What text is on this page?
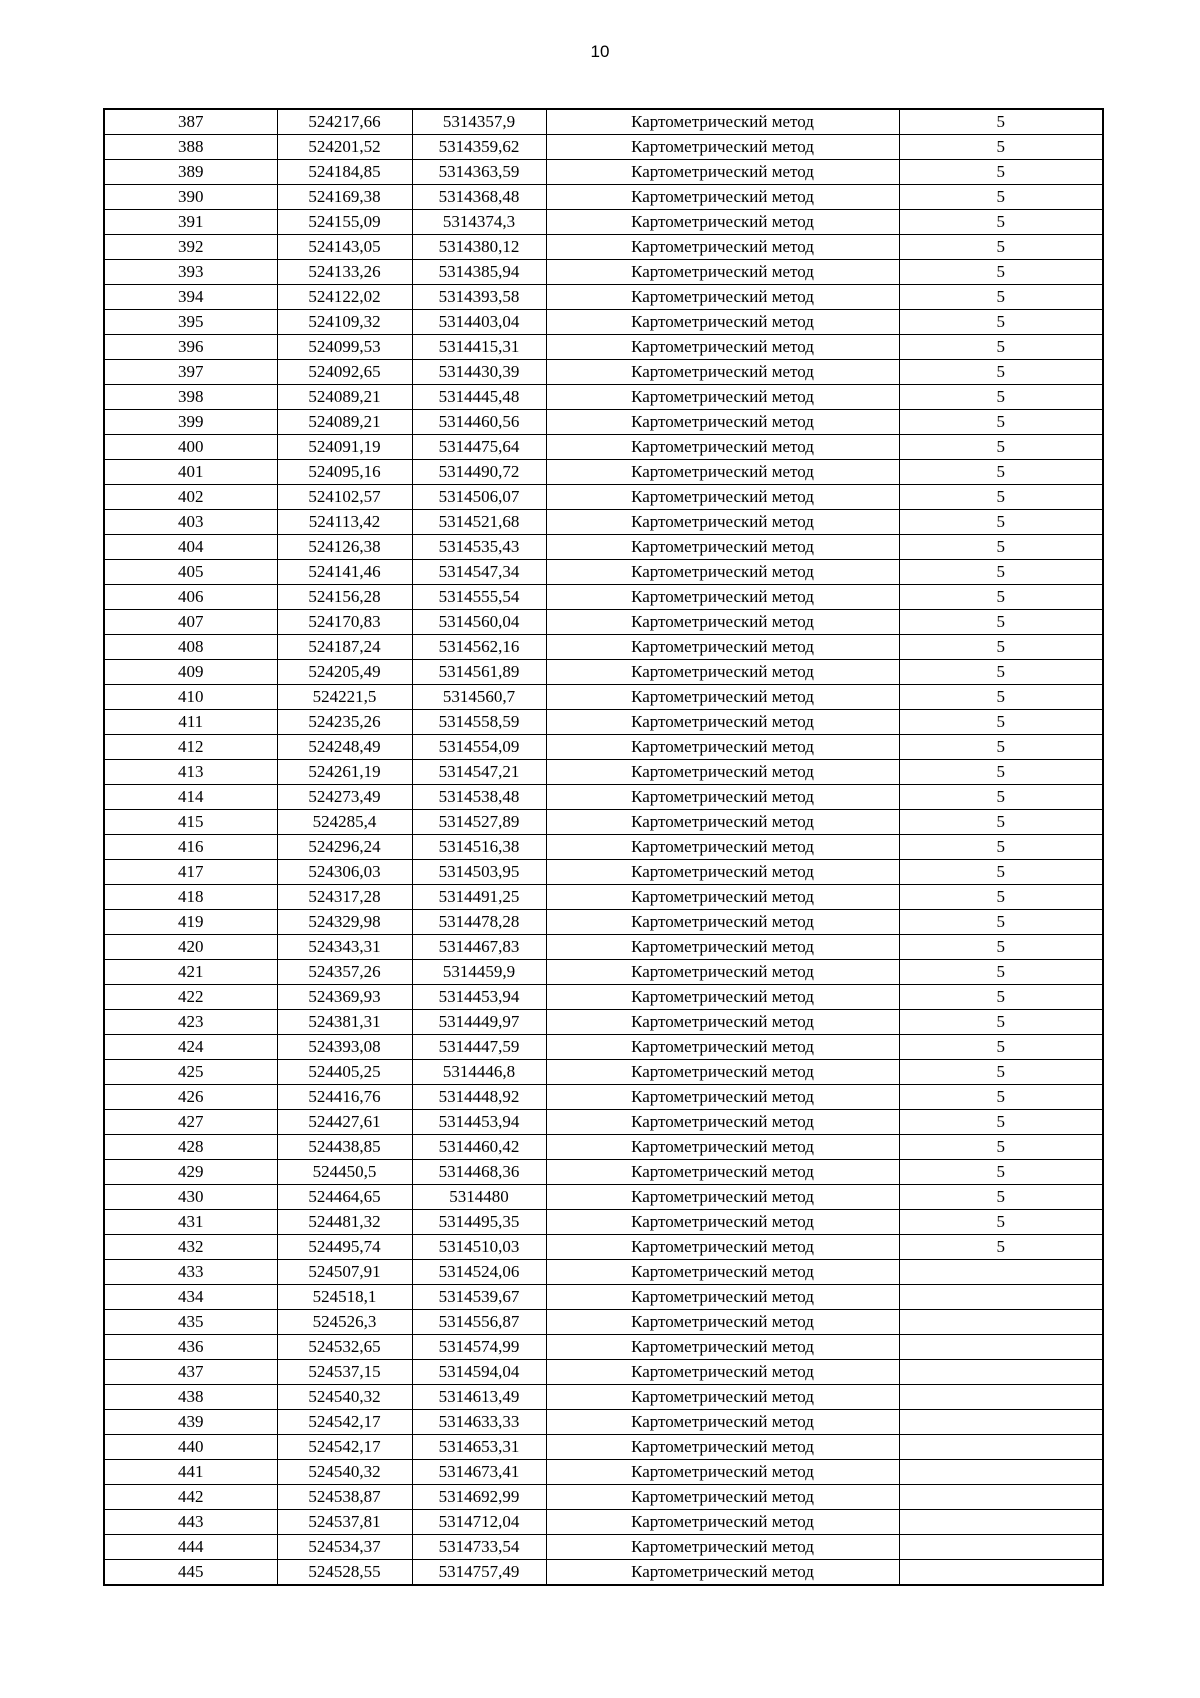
10
387	524217,66	5314357,9	Картометрический метод	5
388	524201,52	5314359,62	Картометрический метод	5
389	524184,85	5314363,59	Картометрический метод	5
390	524169,38	5314368,48	Картометрический метод	5
391	524155,09	5314374,3	Картометрический метод	5
392	524143,05	5314380,12	Картометрический метод	5
393	524133,26	5314385,94	Картометрический метод	5
394	524122,02	5314393,58	Картометрический метод	5
395	524109,32	5314403,04	Картометрический метод	5
396	524099,53	5314415,31	Картометрический метод	5
397	524092,65	5314430,39	Картометрический метод	5
398	524089,21	5314445,48	Картометрический метод	5
399	524089,21	5314460,56	Картометрический метод	5
400	524091,19	5314475,64	Картометрический метод	5
401	524095,16	5314490,72	Картометрический метод	5
402	524102,57	5314506,07	Картометрический метод	5
403	524113,42	5314521,68	Картометрический метод	5
404	524126,38	5314535,43	Картометрический метод	5
405	524141,46	5314547,34	Картометрический метод	5
406	524156,28	5314555,54	Картометрический метод	5
407	524170,83	5314560,04	Картометрический метод	5
408	524187,24	5314562,16	Картометрический метод	5
409	524205,49	5314561,89	Картометрический метод	5
410	524221,5	5314560,7	Картометрический метод	5
411	524235,26	5314558,59	Картометрический метод	5
412	524248,49	5314554,09	Картометрический метод	5
413	524261,19	5314547,21	Картометрический метод	5
414	524273,49	5314538,48	Картометрический метод	5
415	524285,4	5314527,89	Картометрический метод	5
416	524296,24	5314516,38	Картометрический метод	5
417	524306,03	5314503,95	Картометрический метод	5
418	524317,28	5314491,25	Картометрический метод	5
419	524329,98	5314478,28	Картометрический метод	5
420	524343,31	5314467,83	Картометрический метод	5
421	524357,26	5314459,9	Картометрический метод	5
422	524369,93	5314453,94	Картометрический метод	5
423	524381,31	5314449,97	Картометрический метод	5
424	524393,08	5314447,59	Картометрический метод	5
425	524405,25	5314446,8	Картометрический метод	5
426	524416,76	5314448,92	Картометрический метод	5
427	524427,61	5314453,94	Картометрический метод	5
428	524438,85	5314460,42	Картометрический метод	5
429	524450,5	5314468,36	Картометрический метод	5
430	524464,65	5314480	Картометрический метод	5
431	524481,32	5314495,35	Картометрический метод	5
432	524495,74	5314510,03	Картометрический метод	5
433	524507,91	5314524,06	Картометрический метод	
434	524518,1	5314539,67	Картометрический метод	
435	524526,3	5314556,87	Картометрический метод	
436	524532,65	5314574,99	Картометрический метод	
437	524537,15	5314594,04	Картометрический метод	
438	524540,32	5314613,49	Картометрический метод	
439	524542,17	5314633,33	Картометрический метод	
440	524542,17	5314653,31	Картометрический метод	
441	524540,32	5314673,41	Картометрический метод	
442	524538,87	5314692,99	Картометрический метод	
443	524537,81	5314712,04	Картометрический метод	
444	524534,37	5314733,54	Картометрический метод	
445	524528,55	5314757,49	Картометрический метод	
